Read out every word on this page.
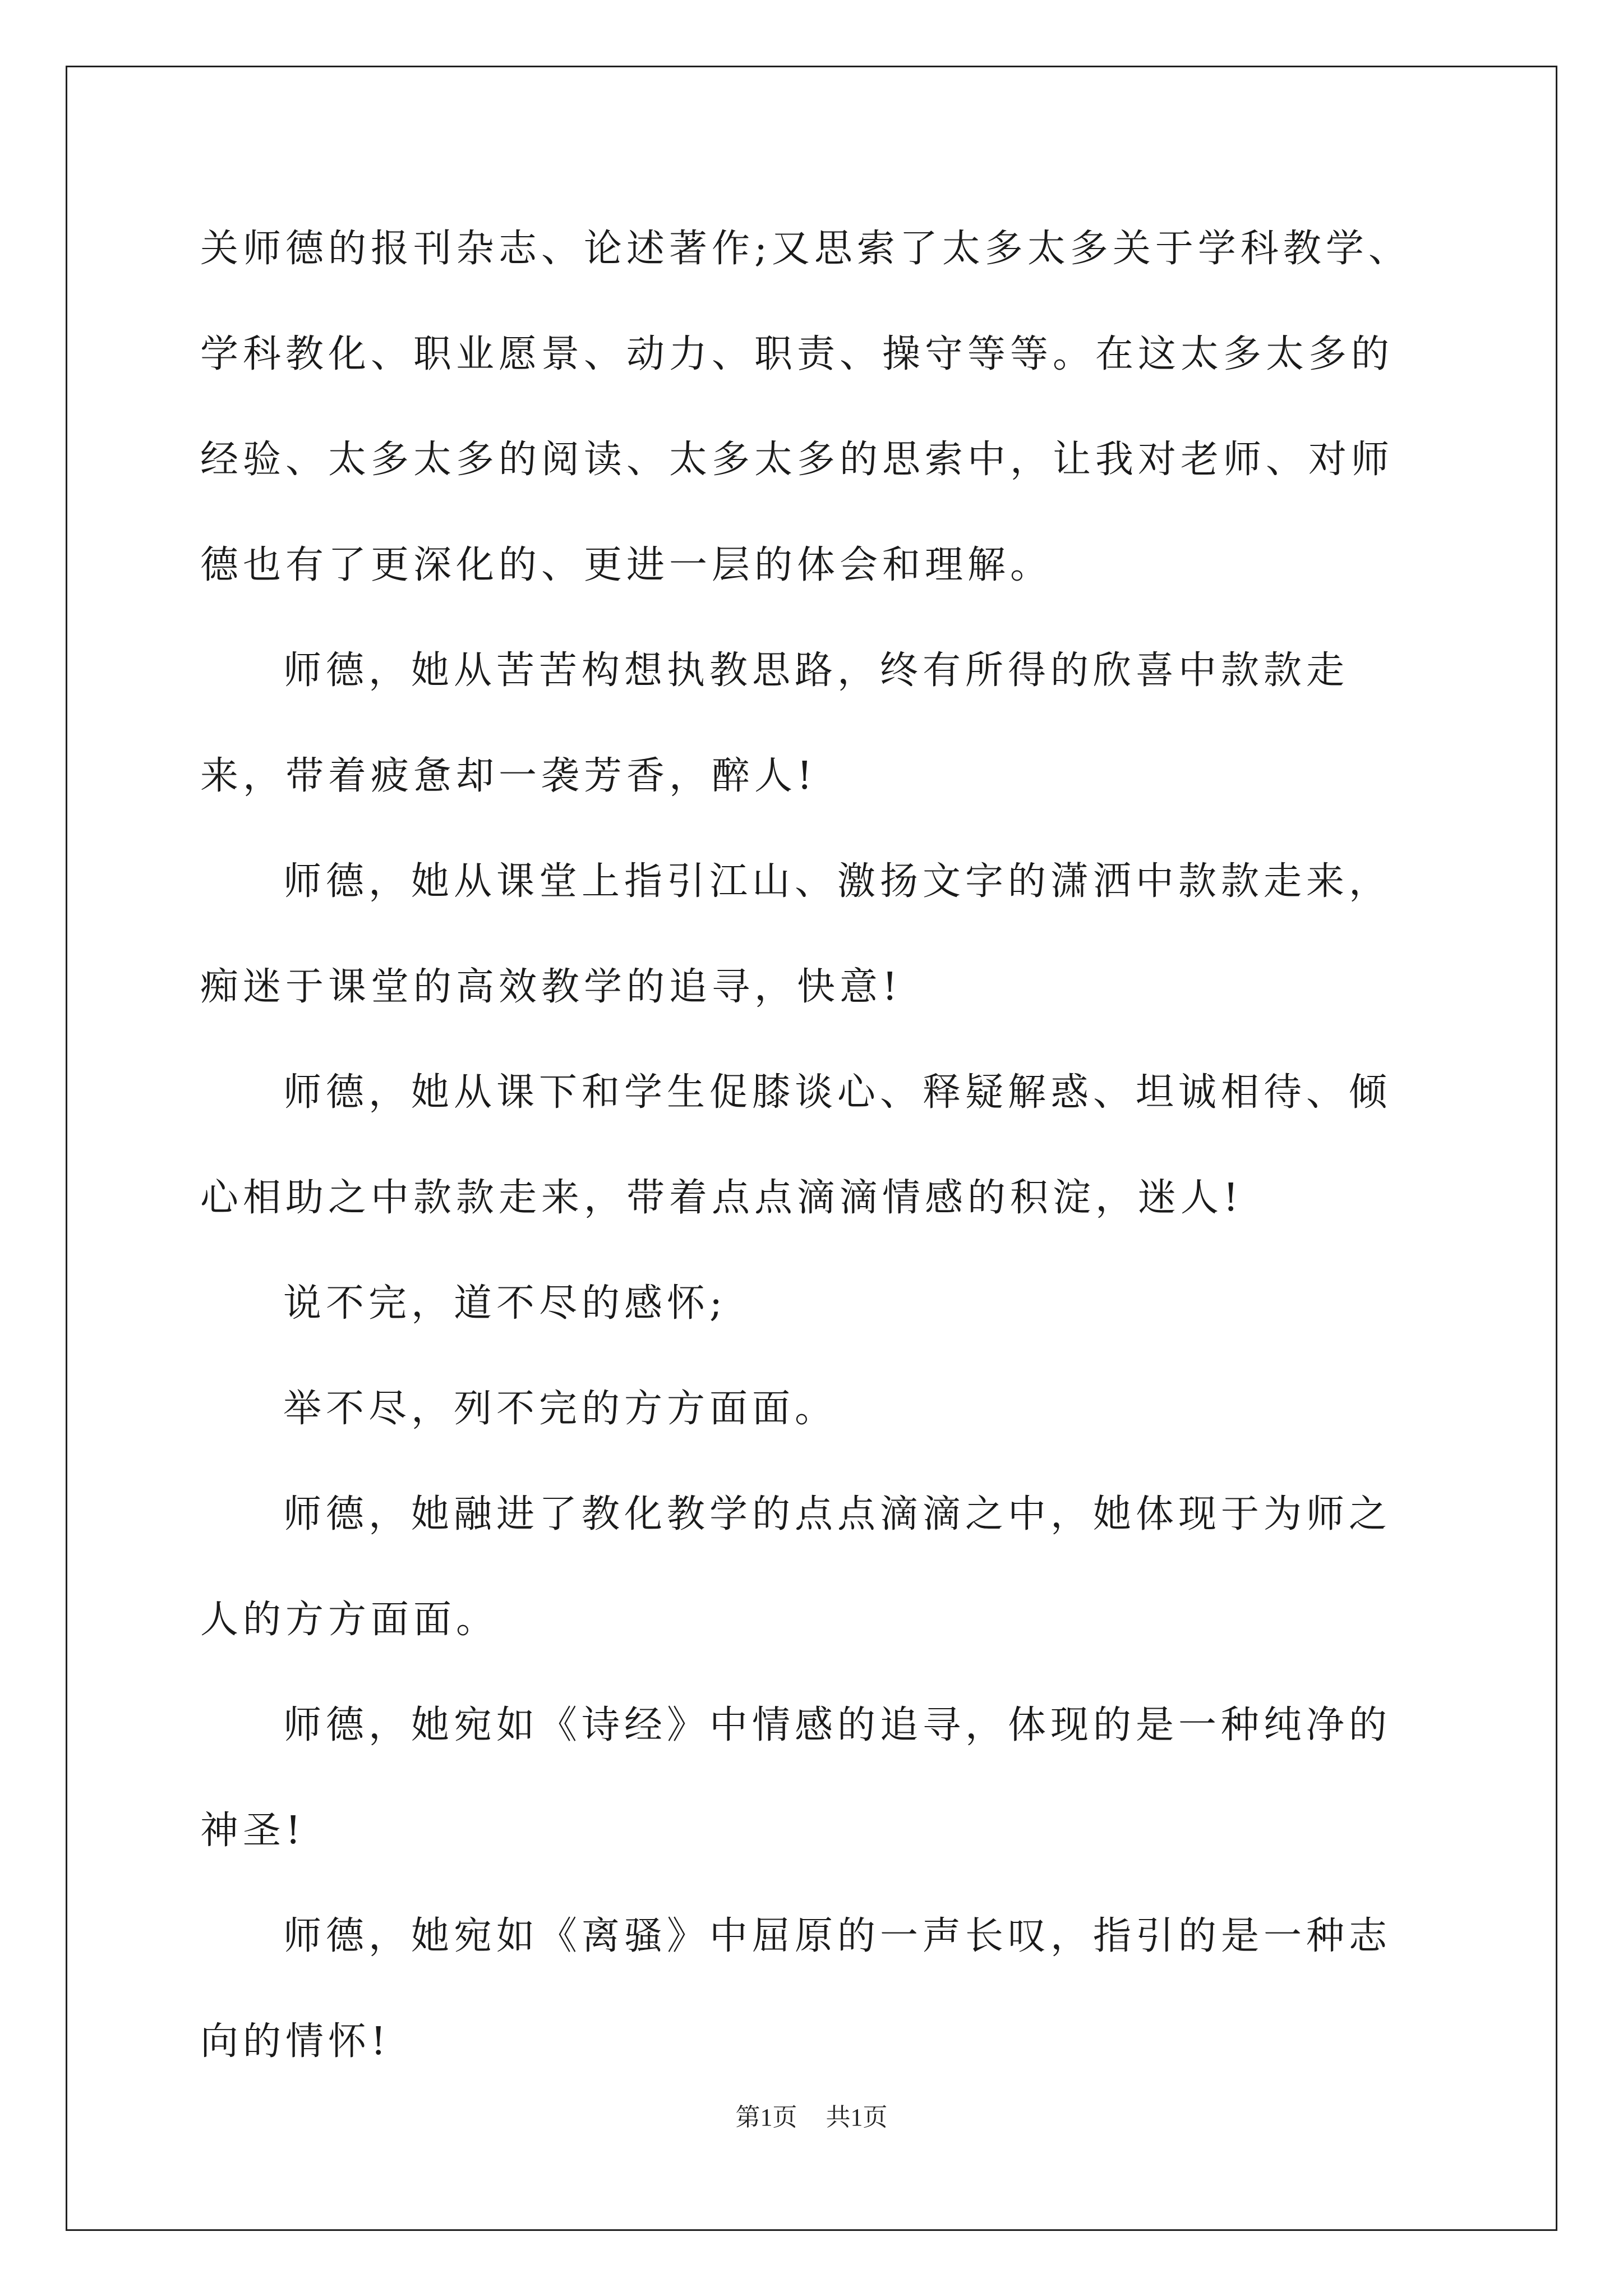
关师德的报刊杂志、论述著作;又思索了太多太多关于学科教学、学科教化、职业愿景、动力、职责、操守等等。在这太多太多的经验、太多太多的阅读、太多太多的思索中，让我对老师、对师德也有了更深化的、更进一层的体会和理解。

师德，她从苦苦构想执教思路，终有所得的欣喜中款款走来，带着疲惫却一袭芳香，醉人!

师德，她从课堂上指引江山、激扬文字的潇洒中款款走来，痴迷于课堂的高效教学的追寻，快意!

师德，她从课下和学生促膝谈心、释疑解惑、坦诚相待、倾心相助之中款款走来，带着点点滴滴情感的积淀，迷人!

说不完，道不尽的感怀;

举不尽，列不完的方方面面。

师德，她融进了教化教学的点点滴滴之中，她体现于为师之人的方方面面。

师德，她宛如《诗经》中情感的追寻，体现的是一种纯净的神圣!

师德，她宛如《离骚》中屈原的一声长叹，指引的是一种志向的情怀!

第1页 共1页
